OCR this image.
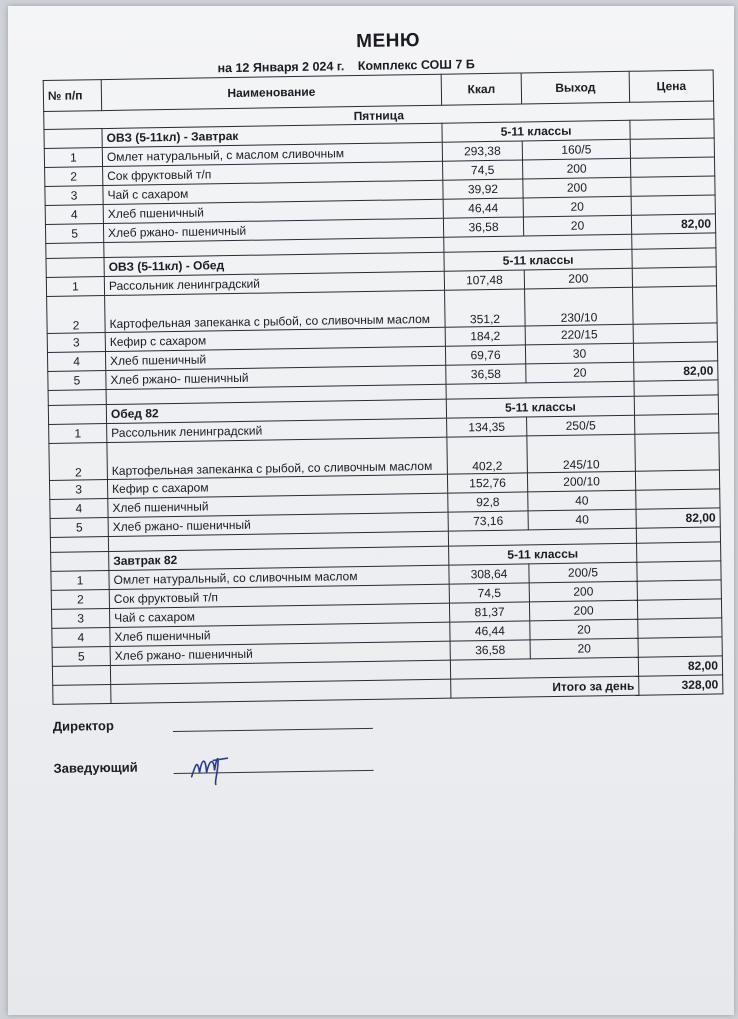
МЕНЮ
на 12 Января 2 024 г. Комплекс СОШ 7 Б
№ п/п	Наименование	Ккал	Выход	Цена
Пятница				
	ОВЗ (5-11кл) - Завтрак	5-11 классы		
1	Омлет натуральный, с маслом сливочным	293,38	160/5	
2	Сок фруктовый т/п	74,5	200	
3	Чай с сахаром	39,92	200	
4	Хлеб пшеничный	46,44	20	
5	Хлеб ржано- пшеничный	36,58	20	82,00

	ОВЗ (5-11кл) - Обед	5-11 классы		
1	Рассольник ленинградский	107,48	200	
2	Картофельная запеканка с рыбой, со сливочным маслом	351,2	230/10	
3	Кефир с сахаром	184,2	220/15	
4	Хлеб пшеничный	69,76	30	
5	Хлеб ржано- пшеничный	36,58	20	82,00

	Обед 82	5-11 классы		
1	Рассольник ленинградский	134,35	250/5	
2	Картофельная запеканка с рыбой, со сливочным маслом	402,2	245/10	
3	Кефир с сахаром	152,76	200/10	
4	Хлеб пшеничный	92,8	40	
5	Хлеб ржано- пшеничный	73,16	40	82,00

	Завтрак 82	5-11 классы		
1	Омлет натуральный, со сливочным маслом	308,64	200/5	
2	Сок фруктовый т/п	74,5	200	
3	Чай с сахаром	81,37	200	
4	Хлеб пшеничный	46,44	20	
5	Хлеб ржано- пшеничный	36,58	20	
				82,00
		Итого за день		328,00
Директор
Заведующий
